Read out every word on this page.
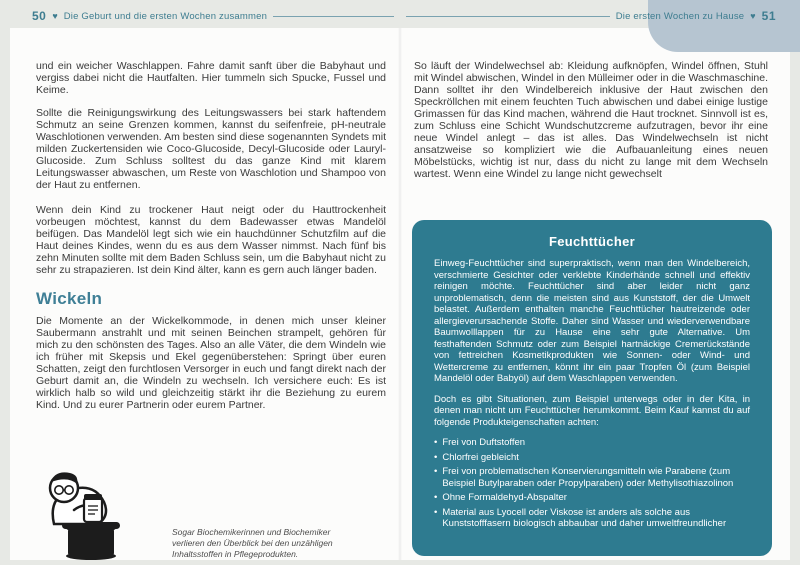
50 ♥ Die Geburt und die ersten Wochen zusammen	Die ersten Wochen zu Hause ♥ 51

und ein weicher Waschlappen. Fahre damit sanft über die Babyhaut und vergiss dabei nicht die Hautfalten. Hier tummeln sich Spucke, Fussel und Keime.

Sollte die Reinigungswirkung des Leitungswassers bei stark haftendem Schmutz an seine Grenzen kommen, kannst du seifenfreie, pH-neutrale Waschlotionen verwenden. Am besten sind diese sogenannten Syndets mit milden Zuckertensiden wie Coco-Glucoside, Decyl-Glucoside oder Lauryl-Glucoside. Zum Schluss solltest du das ganze Kind mit klarem Leitungswasser abwaschen, um Reste von Waschlotion und Shampoo von der Haut zu entfernen.

Wenn dein Kind zu trockener Haut neigt oder du Hauttrockenheit vorbeugen möchtest, kannst du dem Badewasser etwas Mandelöl beifügen. Das Mandelöl legt sich wie ein hauchdünner Schutzfilm auf die Haut deines Kindes, wenn du es aus dem Wasser nimmst. Nach fünf bis zehn Minuten sollte mit dem Baden Schluss sein, um die Babyhaut nicht zu sehr zu strapazieren. Ist dein Kind älter, kann es gern auch länger baden.

Wickeln

Die Momente an der Wickelkommode, in denen mich unser kleiner Saubermann anstrahlt und mit seinen Beinchen strampelt, gehören für mich zu den schönsten des Tages. Also an alle Väter, die dem Windeln wie ich früher mit Skepsis und Ekel gegenüberstehen: Springt über euren Schatten, zeigt den furchtlosen Versorger in euch und fangt direkt nach der Geburt damit an, die Windeln zu wechseln. Ich versichere euch: Es ist wirklich halb so wild und gleichzeitig stärkt ihr die Beziehung zu eurem Kind. Und zu eurer Partnerin oder eurem Partner.

Sogar Biochemikerinnen und Biochemiker verlieren den Überblick bei den unzähligen Inhaltsstoffen in Pflegeprodukten.

So läuft der Windelwechsel ab: Kleidung aufknöpfen, Windel öffnen, Stuhl mit Windel abwischen, Windel in den Mülleimer oder in die Waschmaschine. Dann solltet ihr den Windelbereich inklusive der Haut zwischen den Speckröllchen mit einem feuchten Tuch abwischen und dabei einige lustige Grimassen für das Kind machen, während die Haut trocknet. Sinnvoll ist es, zum Schluss eine Schicht Wundschutzcreme aufzutragen, bevor ihr eine neue Windel anlegt – das ist alles. Das Windelwechseln ist nicht ansatzweise so kompliziert wie die Aufbauanleitung eines neuen Möbelstücks, wichtig ist nur, dass du nicht zu lange mit dem Wechseln wartest. Wenn eine Windel zu lange nicht gewechselt

Feuchttücher

Einweg-Feuchttücher sind superpraktisch, wenn man den Windelbereich, verschmierte Gesichter oder verklebte Kinderhände schnell und effektiv reinigen möchte. Feuchttücher sind aber leider nicht ganz unproblematisch, denn die meisten sind aus Kunststoff, der die Umwelt belastet. Außerdem enthalten manche Feuchttücher hautreizende oder allergieverursachende Stoffe. Daher sind Wasser und wiederverwendbare Baumwolllappen für zu Hause eine sehr gute Alternative. Um festhaftenden Schmutz oder zum Beispiel hartnäckige Cremerückstände von fettreichen Kosmetikprodukten wie Sonnen- oder Wind- und Wettercreme zu entfernen, könnt ihr ein paar Tropfen Öl (zum Beispiel Mandelöl oder Babyöl) auf dem Waschlappen verwenden.

Doch es gibt Situationen, zum Beispiel unterwegs oder in der Kita, in denen man nicht um Feuchttücher herumkommt. Beim Kauf kannst du auf folgende Produkteigenschaften achten:

• Frei von Duftstoffen
• Chlorfrei gebleicht
• Frei von problematischen Konservierungsmitteln wie Parabene (zum Beispiel Butylparaben oder Propylparaben) oder Methylisothiazolinon
• Ohne Formaldehyd-Abspalter
• Material aus Lyocell oder Viskose ist anders als solche aus Kunststofffasern biologisch abbaubar und daher umweltfreundlicher
